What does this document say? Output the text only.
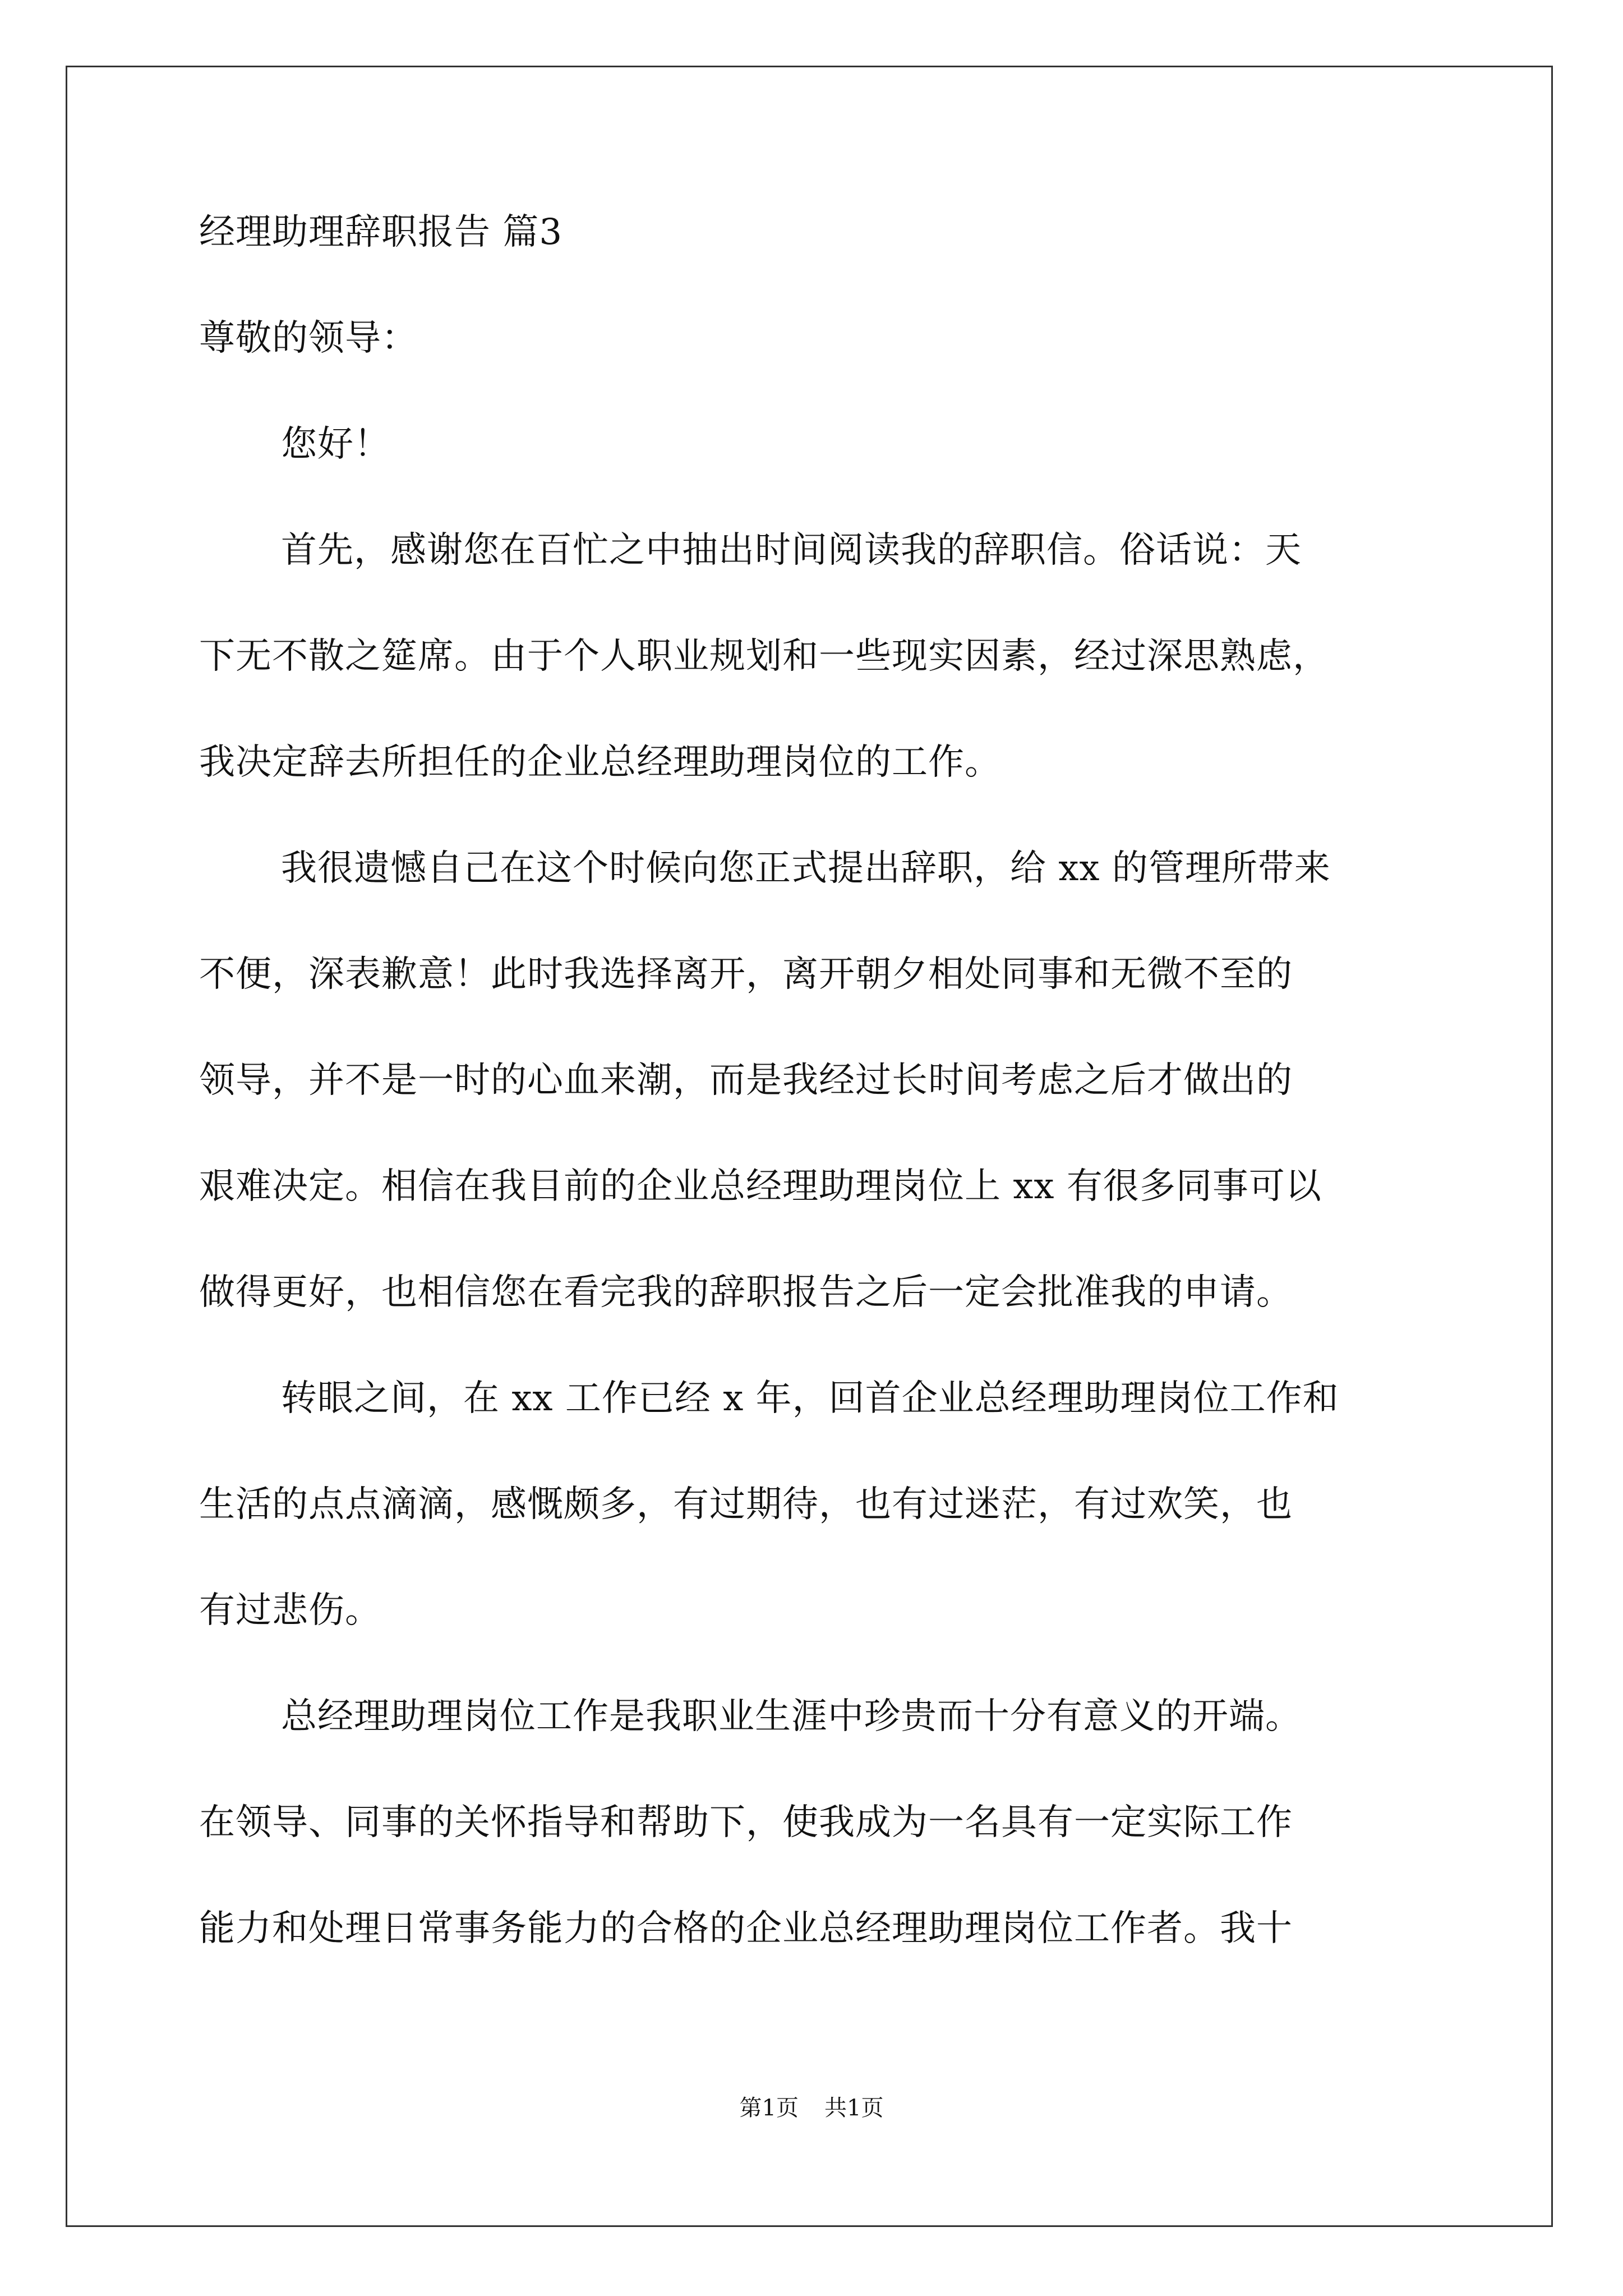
经理助理辞职报告 篇3
尊敬的领导：
您好！
首先，感谢您在百忙之中抽出时间阅读我的辞职信。俗话说：天
下无不散之筵席。由于个人职业规划和一些现实因素，经过深思熟虑，
我决定辞去所担任的企业总经理助理岗位的工作。
我很遗憾自己在这个时候向您正式提出辞职，给 xx 的管理所带来
不便，深表歉意！此时我选择离开，离开朝夕相处同事和无微不至的
领导，并不是一时的心血来潮，而是我经过长时间考虑之后才做出的
艰难决定。相信在我目前的企业总经理助理岗位上 xx 有很多同事可以
做得更好，也相信您在看完我的辞职报告之后一定会批准我的申请。
转眼之间，在 xx 工作已经 x 年，回首企业总经理助理岗位工作和
生活的点点滴滴，感慨颇多，有过期待，也有过迷茫，有过欢笑，也
有过悲伤。
总经理助理岗位工作是我职业生涯中珍贵而十分有意义的开端。
在领导、同事的关怀指导和帮助下，使我成为一名具有一定实际工作
能力和处理日常事务能力的合格的企业总经理助理岗位工作者。我十
第1页 共1页
